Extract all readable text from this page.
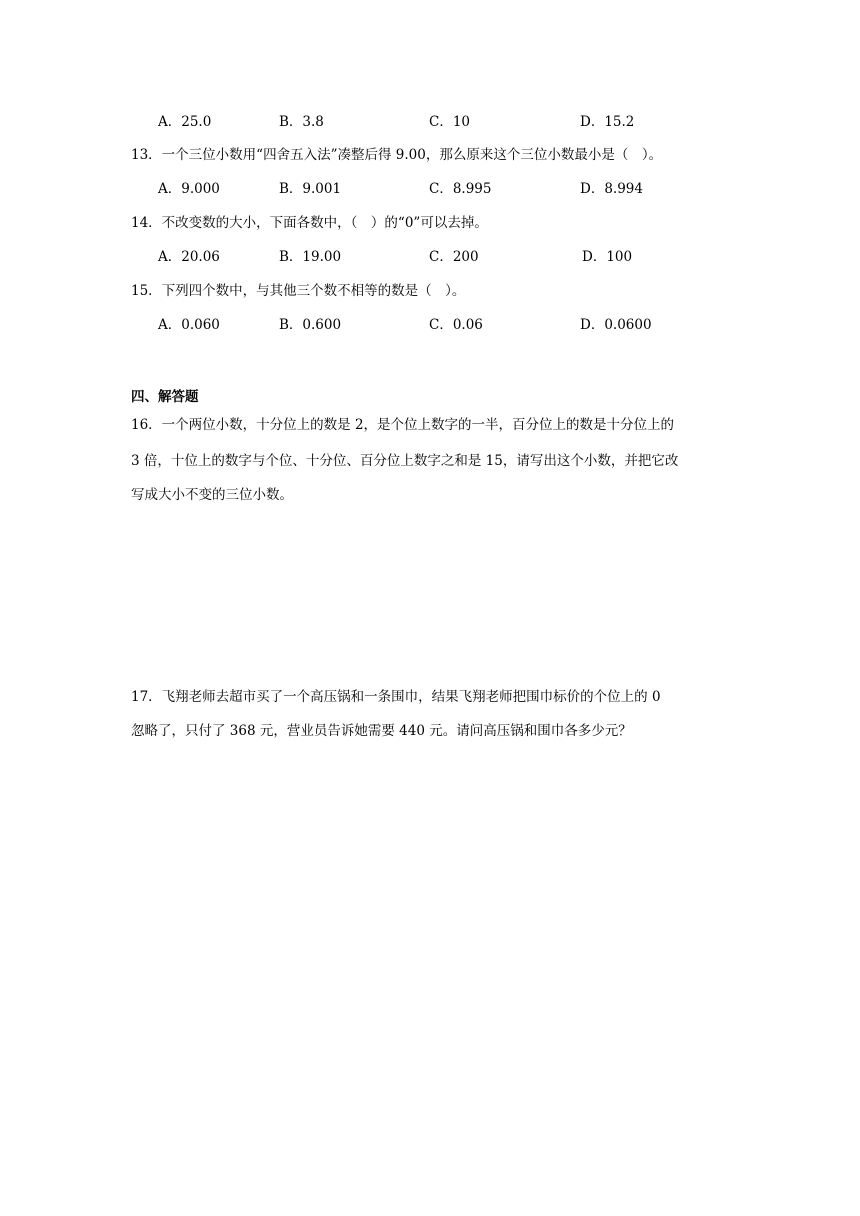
A．25.0	B．3.8	C．10	D．15.2
13．一个三位小数用“四舍五入法”凑整后得 9.00，那么原来这个三位小数最小是（　）。
A．9.000	B．9.001	C．8.995	D．8.994
14．不改变数的大小，下面各数中，（　）的“0”可以去掉。
A．20.06	B．19.00	C．200	D．100
15．下列四个数中，与其他三个数不相等的数是（　）。
A．0.060	B．0.600	C．0.06	D．0.0600
四、解答题
16．一个两位小数，十分位上的数是 2，是个位上数字的一半，百分位上的数是十分位上的
3 倍，十位上的数字与个位、十分位、百分位上数字之和是 15，请写出这个小数，并把它改
写成大小不变的三位小数。
17．飞翔老师去超市买了一个高压锅和一条围巾，结果飞翔老师把围巾标价的个位上的 0
忽略了，只付了 368 元，营业员告诉她需要 440 元。请问高压锅和围巾各多少元？
